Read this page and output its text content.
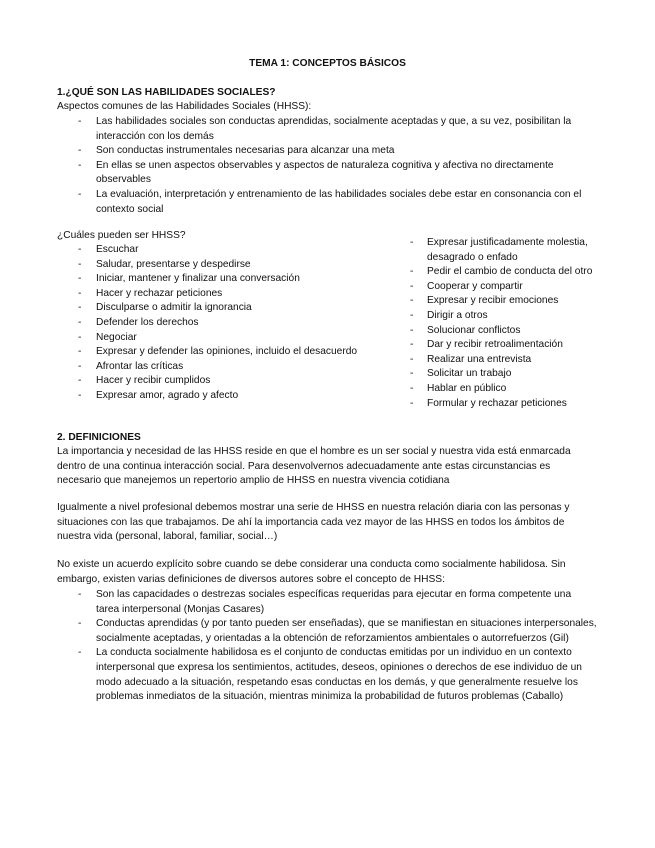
TEMA 1: CONCEPTOS BÁSICOS
1.¿QUÉ SON LAS HABILIDADES SOCIALES?
Aspectos comunes de las Habilidades Sociales (HHSS):
- Las habilidades sociales son conductas aprendidas, socialmente aceptadas y que, a su vez, posibilitan la interacción con los demás
- Son conductas instrumentales necesarias para alcanzar una meta
- En ellas se unen aspectos observables y aspectos de naturaleza cognitiva y afectiva no directamente observables
- La evaluación, interpretación y entrenamiento de las habilidades sociales debe estar en consonancia con el contexto social
¿Cuáles pueden ser HHSS?
- Escuchar
- Saludar, presentarse y despedirse
- Iniciar, mantener y finalizar una conversación
- Hacer y rechazar peticiones
- Disculparse o admitir la ignorancia
- Defender los derechos
- Negociar
- Expresar y defender las opiniones, incluido el desacuerdo
- Afrontar las críticas
- Hacer y recibir cumplidos
- Expresar amor, agrado y afecto
- Expresar justificadamente molestia, desagrado o enfado
- Pedir el cambio de conducta del otro
- Cooperar y compartir
- Expresar y recibir emociones
- Dirigir a otros
- Solucionar conflictos
- Dar y recibir retroalimentación
- Realizar una entrevista
- Solicitar un trabajo
- Hablar en público
- Formular y rechazar peticiones
2. DEFINICIONES

La importancia y necesidad de las HHSS reside en que el hombre es un ser social y nuestra vida está enmarcada dentro de una continua interacción social. Para desenvolvernos adecuadamente ante estas circunstancias es necesario que manejemos un repertorio amplio de HHSS en nuestra vivencia cotidiana

Igualmente a nivel profesional debemos mostrar una serie de HHSS en nuestra relación diaria con las personas y situaciones con las que trabajamos. De ahí la importancia cada vez mayor de las HHSS en todos los ámbitos de nuestra vida (personal, laboral, familiar, social…)

No existe un acuerdo explícito sobre cuando se debe considerar una conducta como socialmente habilidosa. Sin embargo, existen varias definiciones de diversos autores sobre el concepto de HHSS:

- Son las capacidades o destrezas sociales específicas requeridas para ejecutar en forma competente una tarea interpersonal (Monjas Casares)
- Conductas aprendidas (y por tanto pueden ser enseñadas), que se manifiestan en situaciones interpersonales, socialmente aceptadas, y orientadas a la obtención de reforzamientos ambientales o autorrefuerzos (Gil)
- La conducta socialmente habilidosa es el conjunto de conductas emitidas por un individuo en un contexto interpersonal que expresa los sentimientos, actitudes, deseos, opiniones o derechos de ese individuo de un modo adecuado a la situación, respetando esas conductas en los demás, y que generalmente resuelve los problemas inmediatos de la situación, mientras minimiza la probabilidad de futuros problemas (Caballo)
